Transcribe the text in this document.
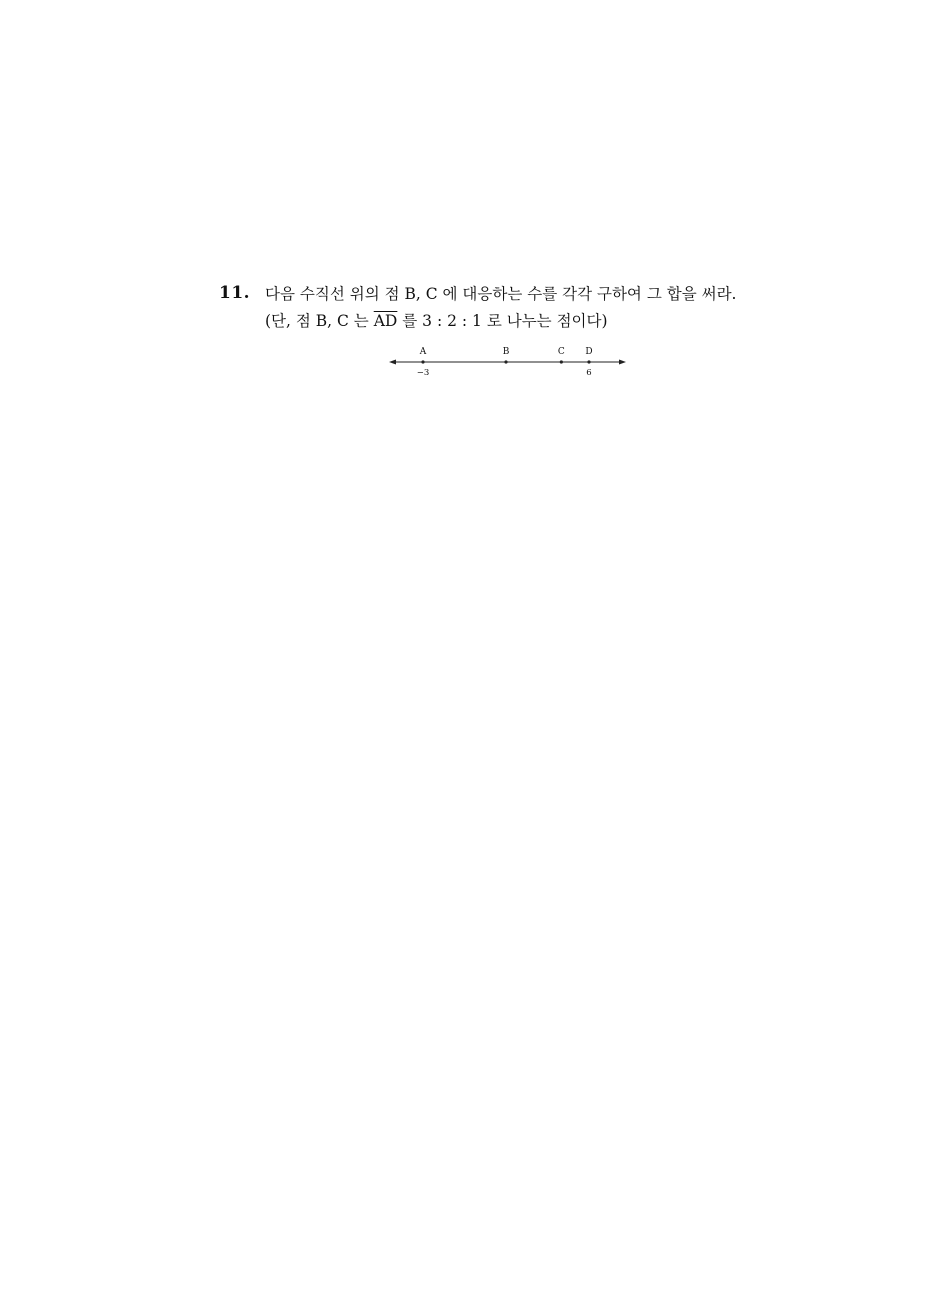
11. 다음 수직선 위의 점 B, C 에 대응하는 수를 각각 구하여 그 합을 써라.
(단, 점 B, C 는 $\overline{AD}$ 를 3 : 2 : 1 로 나누는 점이다)
A
−3
B	C D
6
